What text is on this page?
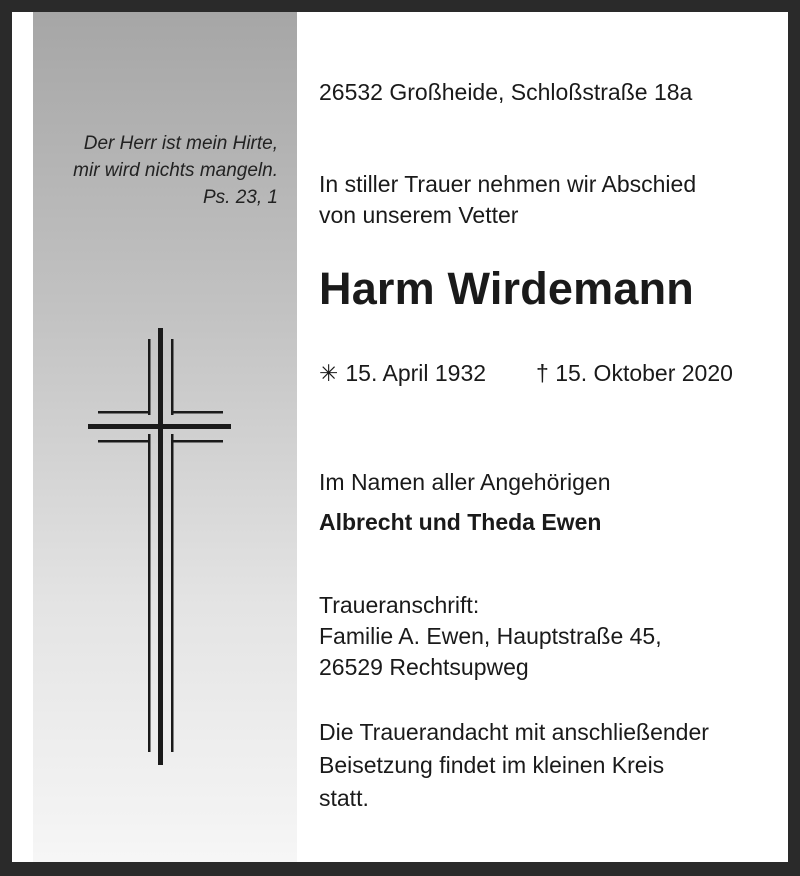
Der Herr ist mein Hirte,
mir wird nichts mangeln.
Ps. 23, 1
26532 Großheide, Schloßstraße 18a
In stiller Trauer nehmen wir Abschied
von unserem Vetter
Harm Wirdemann
✳ 15. April 1932 † 15. Oktober 2020
Im Namen aller Angehörigen
Albrecht und Theda Ewen
Traueranschrift:
Familie A. Ewen, Hauptstraße 45,
26529 Rechtsupweg
Die Trauerandacht mit anschließender
Beisetzung findet im kleinen Kreis
statt.
